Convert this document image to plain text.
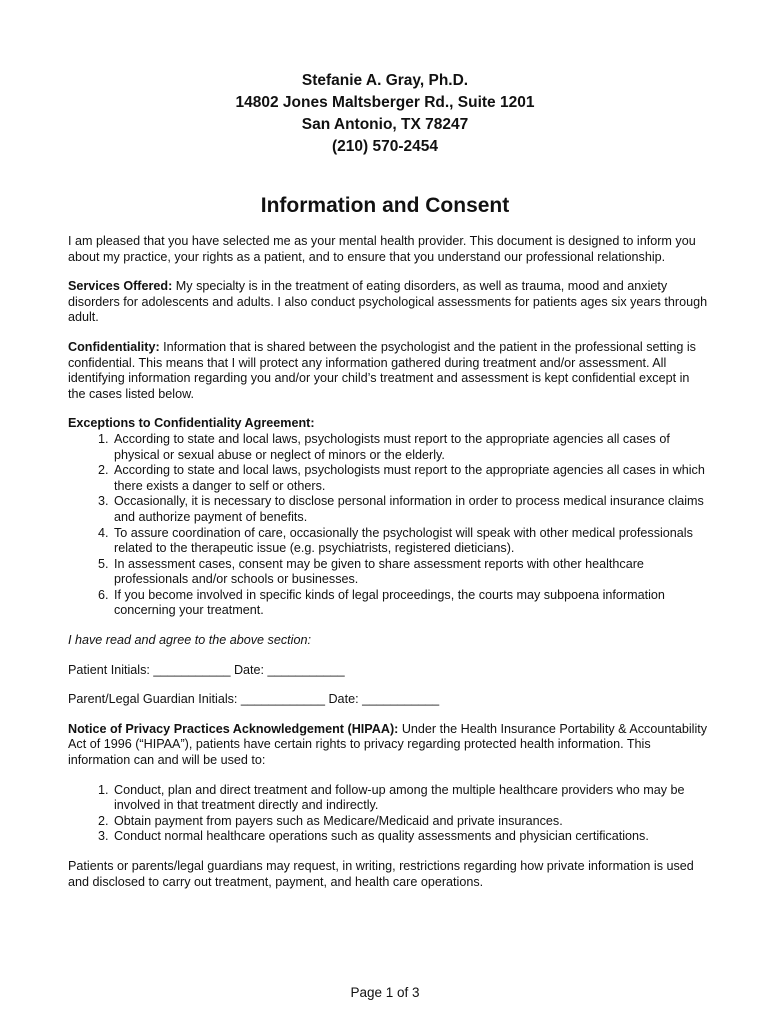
Stefanie A. Gray, Ph.D.
14802 Jones Maltsberger Rd., Suite 1201
San Antonio, TX 78247
(210) 570-2454
Information and Consent

I am pleased that you have selected me as your mental health provider. This document is designed to inform you about my practice, your rights as a patient, and to ensure that you understand our professional relationship.

Services Offered: My specialty is in the treatment of eating disorders, as well as trauma, mood and anxiety disorders for adolescents and adults. I also conduct psychological assessments for patients ages six years through adult.

Confidentiality: Information that is shared between the psychologist and the patient in the professional setting is confidential. This means that I will protect any information gathered during treatment and/or assessment. All identifying information regarding you and/or your child’s treatment and assessment is kept confidential except in the cases listed below.

Exceptions to Confidentiality Agreement:
1. According to state and local laws, psychologists must report to the appropriate agencies all cases of physical or sexual abuse or neglect of minors or the elderly.
2. According to state and local laws, psychologists must report to the appropriate agencies all cases in which there exists a danger to self or others.
3. Occasionally, it is necessary to disclose personal information in order to process medical insurance claims and authorize payment of benefits.
4. To assure coordination of care, occasionally the psychologist will speak with other medical professionals related to the therapeutic issue (e.g. psychiatrists, registered dieticians).
5. In assessment cases, consent may be given to share assessment reports with other healthcare professionals and/or schools or businesses.
6. If you become involved in specific kinds of legal proceedings, the courts may subpoena information concerning your treatment.

I have read and agree to the above section:

Patient Initials: ___________ Date: ___________

Parent/Legal Guardian Initials: ____________ Date: ___________

Notice of Privacy Practices Acknowledgement (HIPAA): Under the Health Insurance Portability & Accountability Act of 1996 (“HIPAA”), patients have certain rights to privacy regarding protected health information. This information can and will be used to:

1. Conduct, plan and direct treatment and follow-up among the multiple healthcare providers who may be involved in that treatment directly and indirectly.
2. Obtain payment from payers such as Medicare/Medicaid and private insurances.
3. Conduct normal healthcare operations such as quality assessments and physician certifications.

Patients or parents/legal guardians may request, in writing, restrictions regarding how private information is used and disclosed to carry out treatment, payment, and health care operations.

Page 1 of 3
